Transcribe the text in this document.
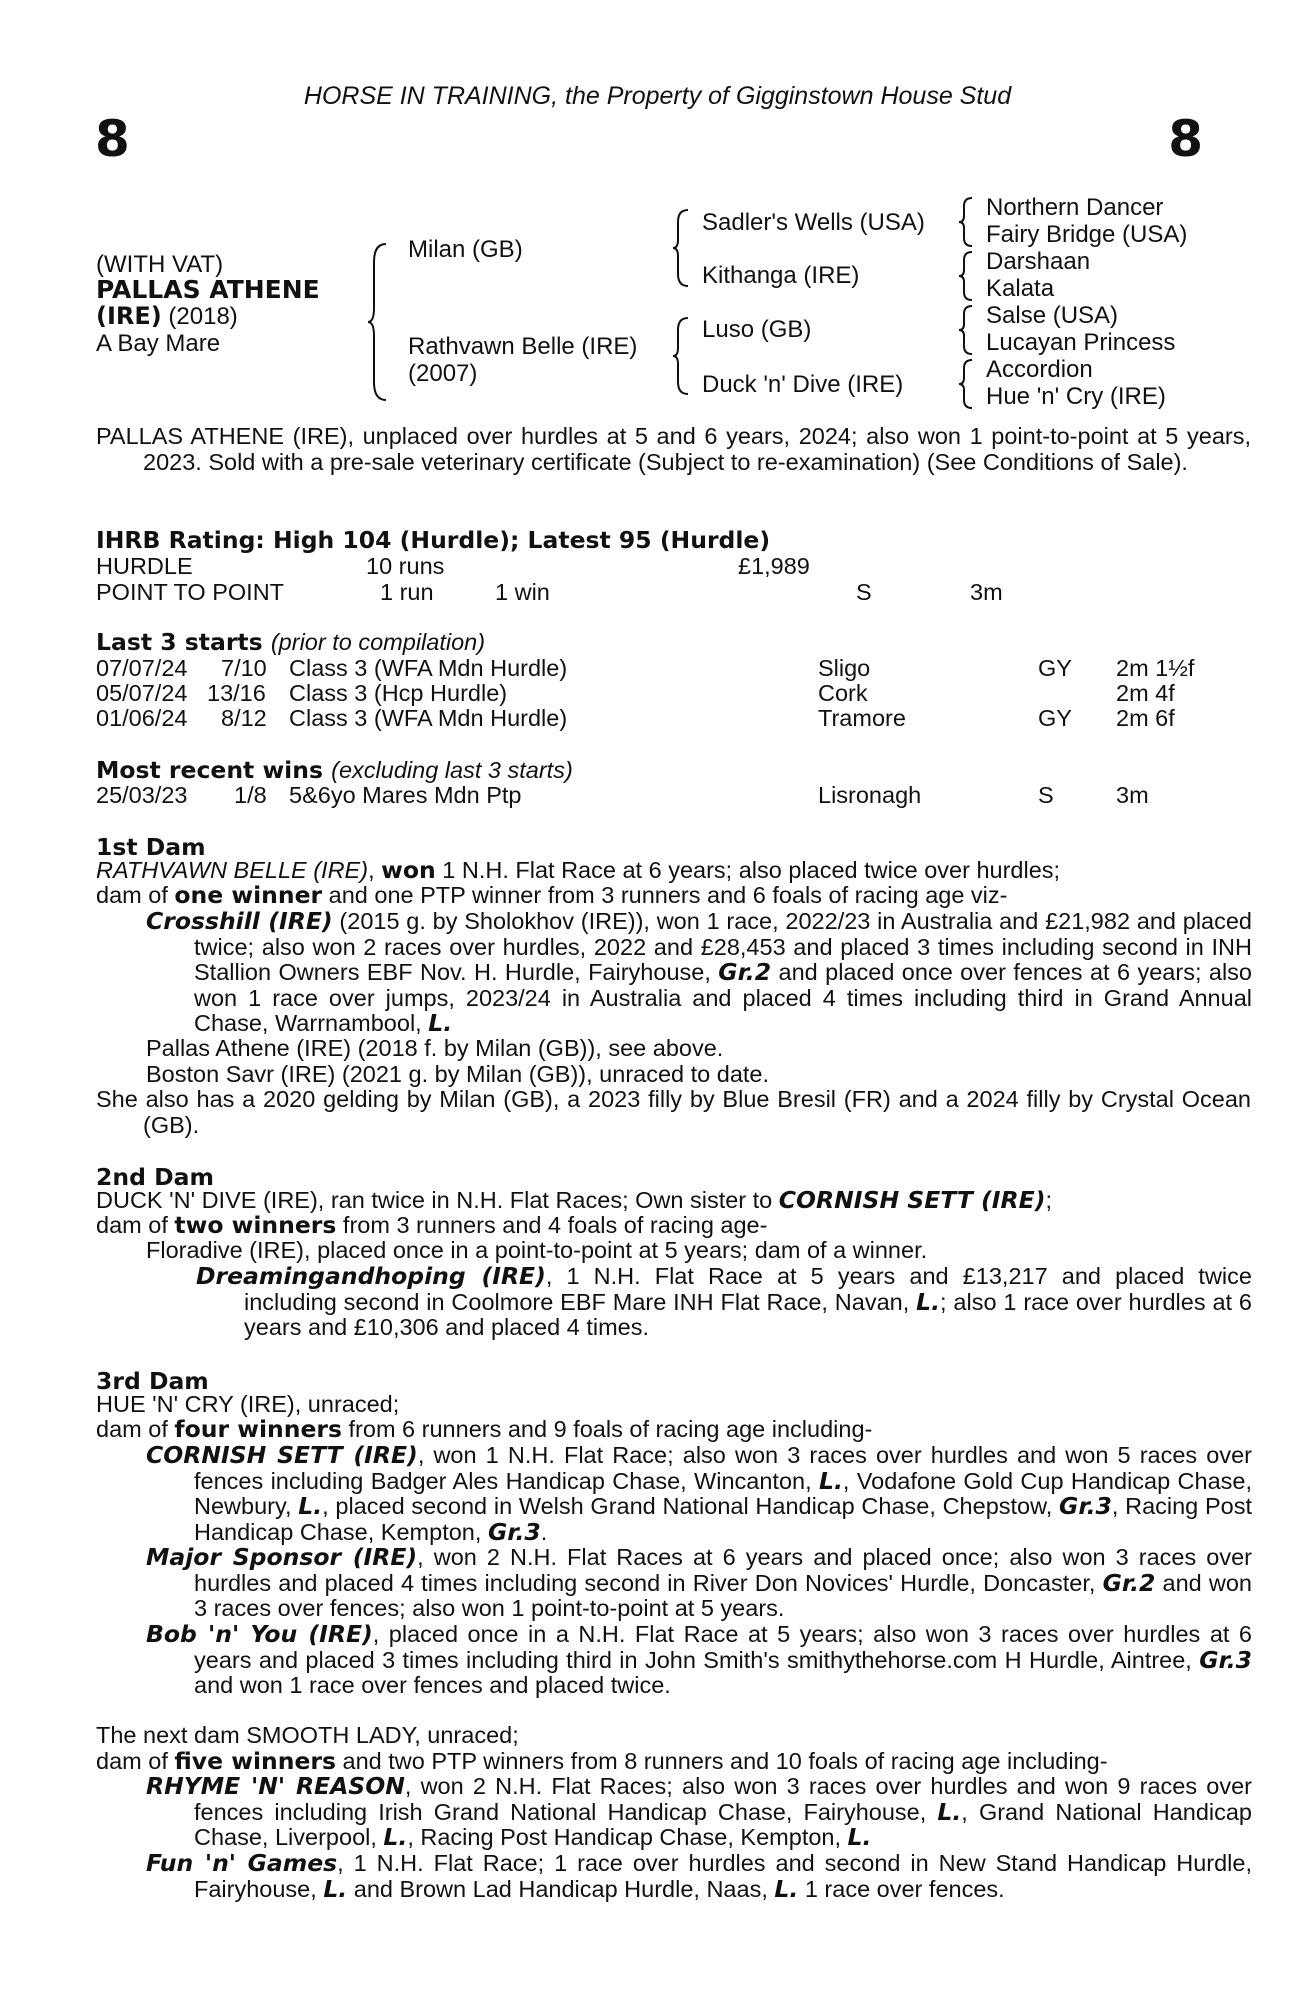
HORSE IN TRAINING, the Property of Gigginstown House Stud
8	8
(WITH VAT)
PALLAS ATHENE
(IRE) (2018)
A Bay Mare
Milan (GB)
Rathvawn Belle (IRE)
(2007)
Sadler's Wells (USA)
Kithanga (IRE)
Luso (GB)
Duck 'n' Dive (IRE)
Northern Dancer
Fairy Bridge (USA)
Darshaan
Kalata
Salse (USA)
Lucayan Princess
Accordion
Hue 'n' Cry (IRE)
PALLAS ATHENE (IRE), unplaced over hurdles at 5 and 6 years, 2024; also won 1 point-to-point at 5 years, 2023. Sold with a pre-sale veterinary certificate (Subject to re-examination) (See Conditions of Sale).
IHRB Rating: High 104 (Hurdle); Latest 95 (Hurdle)
HURDLE	10 runs	£1,989
POINT TO POINT	1 run	1 win	S	3m
Last 3 starts (prior to compilation)
07/07/24 7/10 Class 3 (WFA Mdn Hurdle)	Sligo	GY 2m 1½f
05/07/24 13/16 Class 3 (Hcp Hurdle)	Cork	2m 4f
01/06/24 8/12 Class 3 (WFA Mdn Hurdle)	Tramore	GY 2m 6f
Most recent wins (excluding last 3 starts)
25/03/23 1/8 5&6yo Mares Mdn Ptp	Lisronagh	S	3m
1st Dam
RATHVAWN BELLE (IRE), won 1 N.H. Flat Race at 6 years; also placed twice over hurdles;
dam of one winner and one PTP winner from 3 runners and 6 foals of racing age viz-
Crosshill (IRE) (2015 g. by Sholokhov (IRE)), won 1 race, 2022/23 in Australia and £21,982 and placed twice; also won 2 races over hurdles, 2022 and £28,453 and placed 3 times including second in INH Stallion Owners EBF Nov. H. Hurdle, Fairyhouse, Gr.2 and placed once over fences at 6 years; also won 1 race over jumps, 2023/24 in Australia and placed 4 times including third in Grand Annual Chase, Warrnambool, L.
Pallas Athene (IRE) (2018 f. by Milan (GB)), see above.
Boston Savr (IRE) (2021 g. by Milan (GB)), unraced to date.
She also has a 2020 gelding by Milan (GB), a 2023 filly by Blue Bresil (FR) and a 2024 filly by Crystal Ocean (GB).
2nd Dam
DUCK 'N' DIVE (IRE), ran twice in N.H. Flat Races; Own sister to CORNISH SETT (IRE);
dam of two winners from 3 runners and 4 foals of racing age-
Floradive (IRE), placed once in a point-to-point at 5 years; dam of a winner.
Dreamingandhoping (IRE), 1 N.H. Flat Race at 5 years and £13,217 and placed twice including second in Coolmore EBF Mare INH Flat Race, Navan, L.; also 1 race over hurdles at 6 years and £10,306 and placed 4 times.
3rd Dam
HUE 'N' CRY (IRE), unraced;
dam of four winners from 6 runners and 9 foals of racing age including-
CORNISH SETT (IRE), won 1 N.H. Flat Race; also won 3 races over hurdles and won 5 races over fences including Badger Ales Handicap Chase, Wincanton, L., Vodafone Gold Cup Handicap Chase, Newbury, L., placed second in Welsh Grand National Handicap Chase, Chepstow, Gr.3, Racing Post Handicap Chase, Kempton, Gr.3.
Major Sponsor (IRE), won 2 N.H. Flat Races at 6 years and placed once; also won 3 races over hurdles and placed 4 times including second in River Don Novices' Hurdle, Doncaster, Gr.2 and won 3 races over fences; also won 1 point-to-point at 5 years.
Bob 'n' You (IRE), placed once in a N.H. Flat Race at 5 years; also won 3 races over hurdles at 6 years and placed 3 times including third in John Smith's smithythehorse.com H Hurdle, Aintree, Gr.3 and won 1 race over fences and placed twice.
The next dam SMOOTH LADY, unraced;
dam of five winners and two PTP winners from 8 runners and 10 foals of racing age including-
RHYME 'N' REASON, won 2 N.H. Flat Races; also won 3 races over hurdles and won 9 races over fences including Irish Grand National Handicap Chase, Fairyhouse, L., Grand National Handicap Chase, Liverpool, L., Racing Post Handicap Chase, Kempton, L.
Fun 'n' Games, 1 N.H. Flat Race; 1 race over hurdles and second in New Stand Handicap Hurdle, Fairyhouse, L. and Brown Lad Handicap Hurdle, Naas, L. 1 race over fences.
